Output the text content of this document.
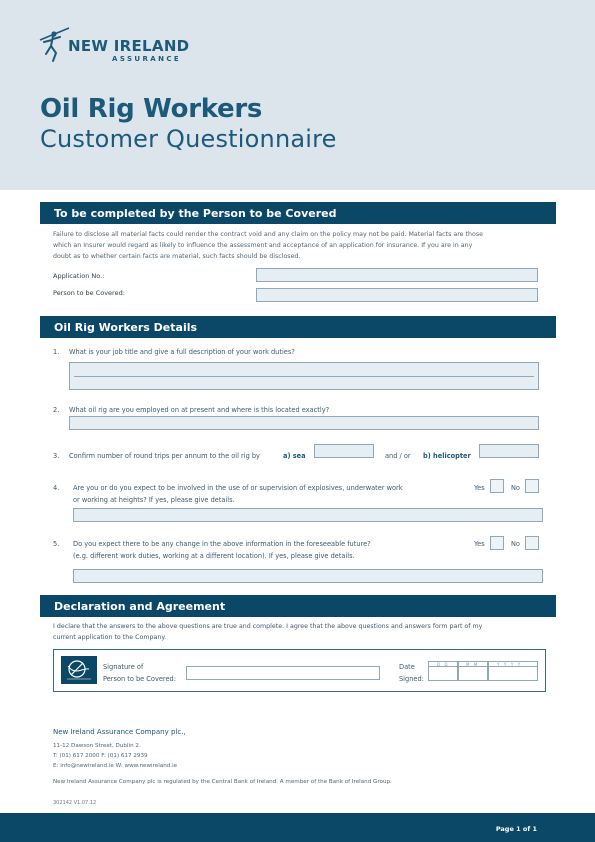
NEW IRELAND
ASSURANCE
Oil Rig Workers
Customer Questionnaire
To be completed by the Person to be Covered
Failure to disclose all material facts could render the contract void and any claim on the policy may not be paid. Material facts are those
which an Insurer would regard as likely to influence the assessment and acceptance of an application for insurance. If you are in any
doubt as to whether certain facts are material, such facts should be disclosed.
Application No.:
Person to be Covered:
Oil Rig Workers Details
1. What is your job title and give a full description of your work duties?
2. What oil rig are you employed on at present and where is this located exactly?
3. Confirm number of round trips per annum to the oil rig by	a) sea	and / or b) helicopter
4. Are you or do you expect to be involved in the use of or supervision of explosives, underwater work
or working at heights? If yes, please give details.
Yes	No
5. Do you expect there to be any change in the above information in the foreseeable future?
(e.g. different work duties, working at a different location). If yes, please give details.
Yes	No
Declaration and Agreement
I declare that the answers to the above questions are true and complete. I agree that the above questions and answers form part of my
current application to the Company.
Signature of
Person to be Covered:
Date
Signed:
D D	M M	Y Y Y Y
New Ireland Assurance Company plc.,
11-12 Dawson Street, Dublin 2.
T: (01) 617 2000 F: (01) 617 2939
E: info@newireland.ie W: www.newireland.ie
New Ireland Assurance Company plc is regulated by the Central Bank of Ireland. A member of the Bank of Ireland Group.
302142 V1.07.12
Page 1 of 1
